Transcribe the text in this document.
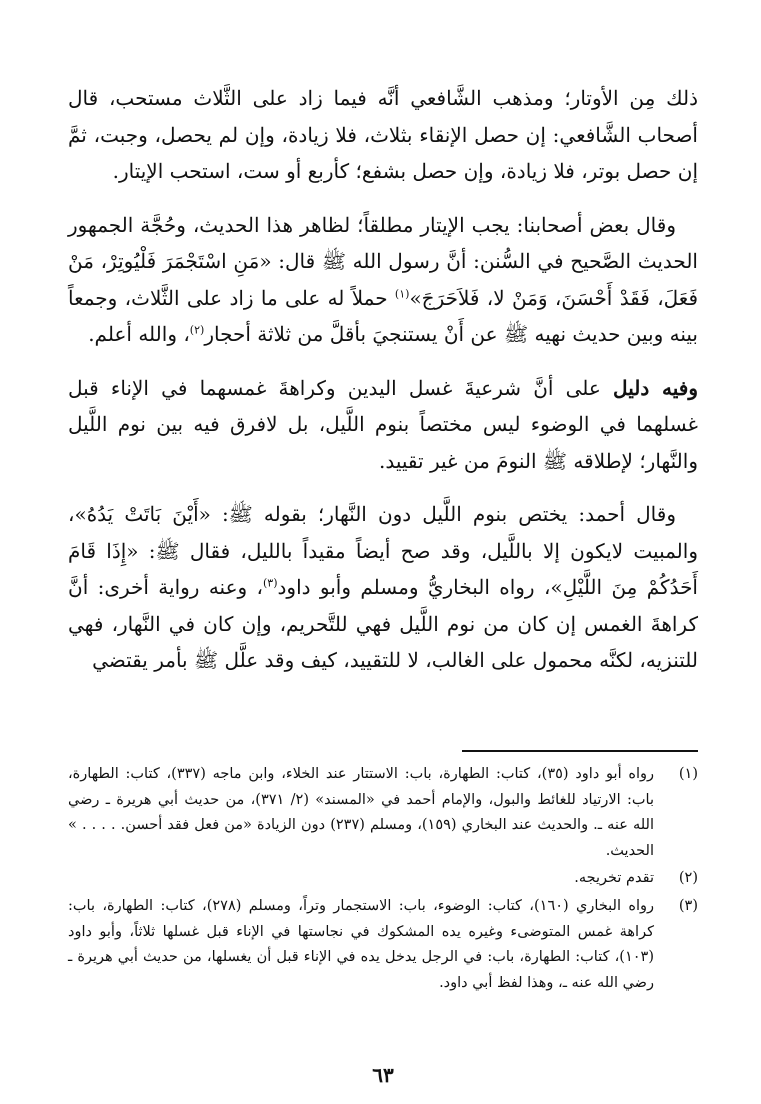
ذلك مِن الأوتار؛ ومذهب الشَّافعي أنَّه فيما زاد على الثَّلاث مستحب، قال أصحاب الشَّافعي: إن حصل الإنقاء بثلاث، فلا زيادة، وإن لم يحصل، وجبت، ثمَّ إن حصل بوتر، فلا زيادة، وإن حصل بشفع؛ كأربع أو ست، استحب الإيتار.

وقال بعض أصحابنا: يجب الإيتار مطلقاً؛ لظاهر هذا الحديث، وحُجَّة الجمهور الحديث الصَّحيح في السُّنن: أنَّ رسول الله ﷺ قال: «مَنِ اسْتَجْمَرَ فَلْيُوتِرْ، مَنْ فَعَلَ، فَقَدْ أَحْسَنَ، وَمَنْ لا، فَلاَحَرَجَ»$^{(١)}$ حملاً له على ما زاد على الثَّلاث، وجمعاً بينه وبين حديث نهيه ﷺ عن أَنْ يستنجيَ بأقلَّ من ثلاثة أحجار$^{(٢)}$، والله أعلم.

وفيه دليل على أنَّ شرعيةَ غسل اليدين وكراهةَ غمسهما في الإناء قبل غسلهما في الوضوء ليس مختصاً بنوم اللَّيل، بل لافرق فيه بين نوم اللَّيل والنَّهار؛ لإطلاقه ﷺ النومَ من غير تقييد.

وقال أحمد: يختص بنوم اللَّيل دون النَّهار؛ بقوله ﷺ: «أَيْنَ بَاتَتْ يَدُهُ»، والمبيت لايكون إلا باللَّيل، وقد صح أيضاً مقيداً بالليل، فقال ﷺ: «إِذَا قَامَ أَحَدُكُمْ مِنَ اللَّيْلِ»، رواه البخاريُّ ومسلم وأبو داود$^{(٣)}$، وعنه رواية أخرى: أنَّ كراهةَ الغمس إن كان من نوم اللَّيل فهي للتَّحريم، وإن كان في النَّهار، فهي للتنزيه، لكنَّه محمول على الغالب، لا للتقييد، كيف وقد علَّل ﷺ بأمر يقتضي

(١)
رواه أبو داود (٣٥)، كتاب: الطهارة، باب: الاستتار عند الخلاء، وابن ماجه (٣٣٧)، كتاب: الطهارة، باب: الارتياد للغائط والبول، والإمام أحمد في «المسند» (٢/ ٣٧١)، من حديث أبي هريرة ـ رضي الله عنه ـ. والحديث عند البخاري (١٥٩)، ومسلم (٢٣٧) دون الزيادة «من فعل فقد أحسن. . . . . » الحديث.
(٢)
تقدم تخريجه.
(٣)
رواه البخاري (١٦٠)، كتاب: الوضوء، باب: الاستجمار وتراً، ومسلم (٢٧٨)، كتاب: الطهارة، باب: كراهة غمس المتوضىء وغيره يده المشكوك في نجاستها في الإناء قبل غسلها ثلاثاً، وأبو داود (١٠٣)، كتاب: الطهارة، باب: في الرجل يدخل يده في الإناء قبل أن يغسلها، من حديث أبي هريرة ـ رضي الله عنه ـ، وهذا لفظ أبي داود.
٦٣
